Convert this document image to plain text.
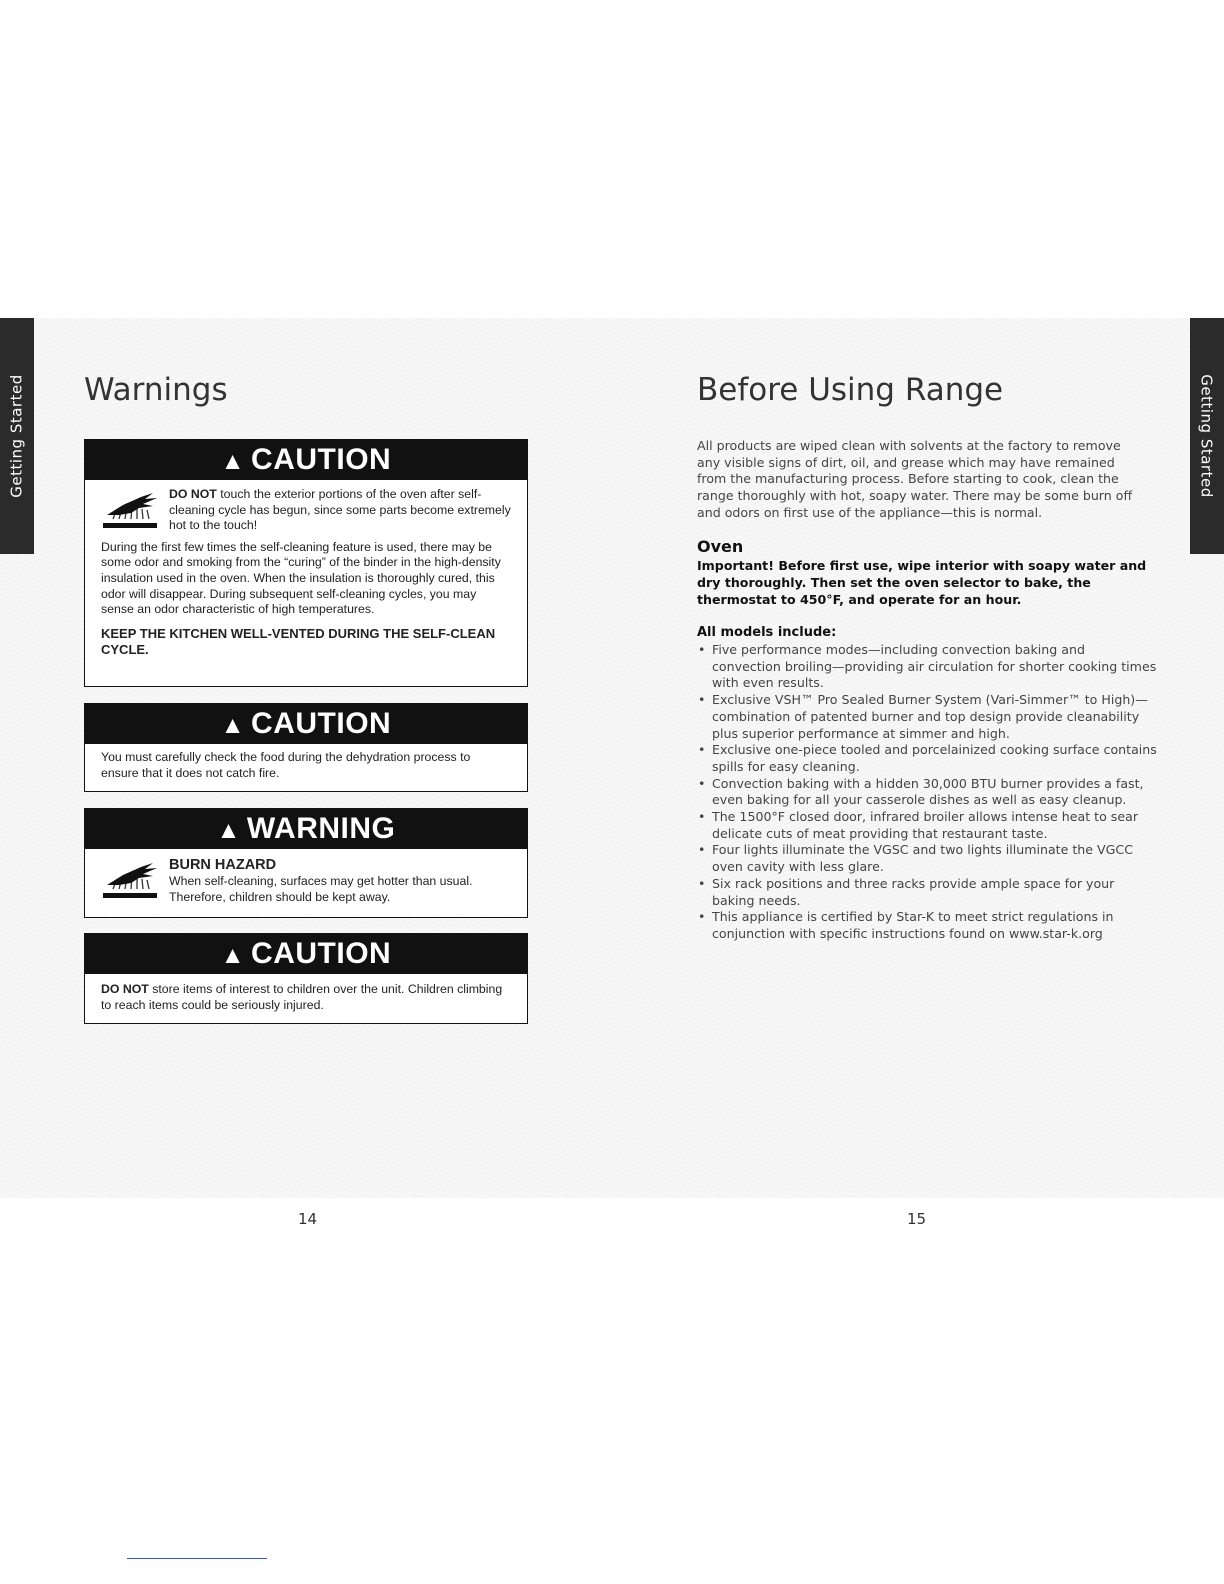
Getting Started	Getting Started
Warnings
▲ CAUTION

DO NOT touch the exterior portions of the oven after self-cleaning cycle has begun, since some parts become extremely hot to the touch!

During the first few times the self-cleaning feature is used, there may be some odor and smoking from the “curing” of the binder in the high-density insulation used in the oven. When the insulation is thoroughly cured, this odor will disappear. During subsequent self-cleaning cycles, you may sense an odor characteristic of high temperatures.

KEEP THE KITCHEN WELL-VENTED DURING THE SELF-CLEAN CYCLE.

▲ CAUTION

You must carefully check the food during the dehydration process to ensure that it does not catch fire.

▲ WARNING

BURN HAZARD

When self-cleaning, surfaces may get hotter than usual. Therefore, children should be kept away.

▲ CAUTION

DO NOT store items of interest to children over the unit. Children climbing to reach items could be seriously injured.

Before Using Range

All products are wiped clean with solvents at the factory to remove any visible signs of dirt, oil, and grease which may have remained from the manufacturing process. Before starting to cook, clean the range thoroughly with hot, soapy water. There may be some burn off and odors on first use of the appliance—this is normal.

Oven

Important! Before first use, wipe interior with soapy water and dry thoroughly. Then set the oven selector to bake, the thermostat to 450°F, and operate for an hour.

All models include:
• Five performance modes—including convection baking and convection broiling—providing air circulation for shorter cooking times with even results.
• Exclusive VSH™ Pro Sealed Burner System (Vari-Simmer™ to High)—combination of patented burner and top design provide cleanability plus superior performance at simmer and high.
• Exclusive one-piece tooled and porcelainized cooking surface contains spills for easy cleaning.
• Convection baking with a hidden 30,000 BTU burner provides a fast, even baking for all your casserole dishes as well as easy cleanup.
• The 1500°F closed door, infrared broiler allows intense heat to sear delicate cuts of meat providing that restaurant taste.
• Four lights illuminate the VGSC and two lights illuminate the VGCC oven cavity with less glare.
• Six rack positions and three racks provide ample space for your baking needs.
• This appliance is certified by Star-K to meet strict regulations in conjunction with specific instructions found on www.star-k.org
14	15
